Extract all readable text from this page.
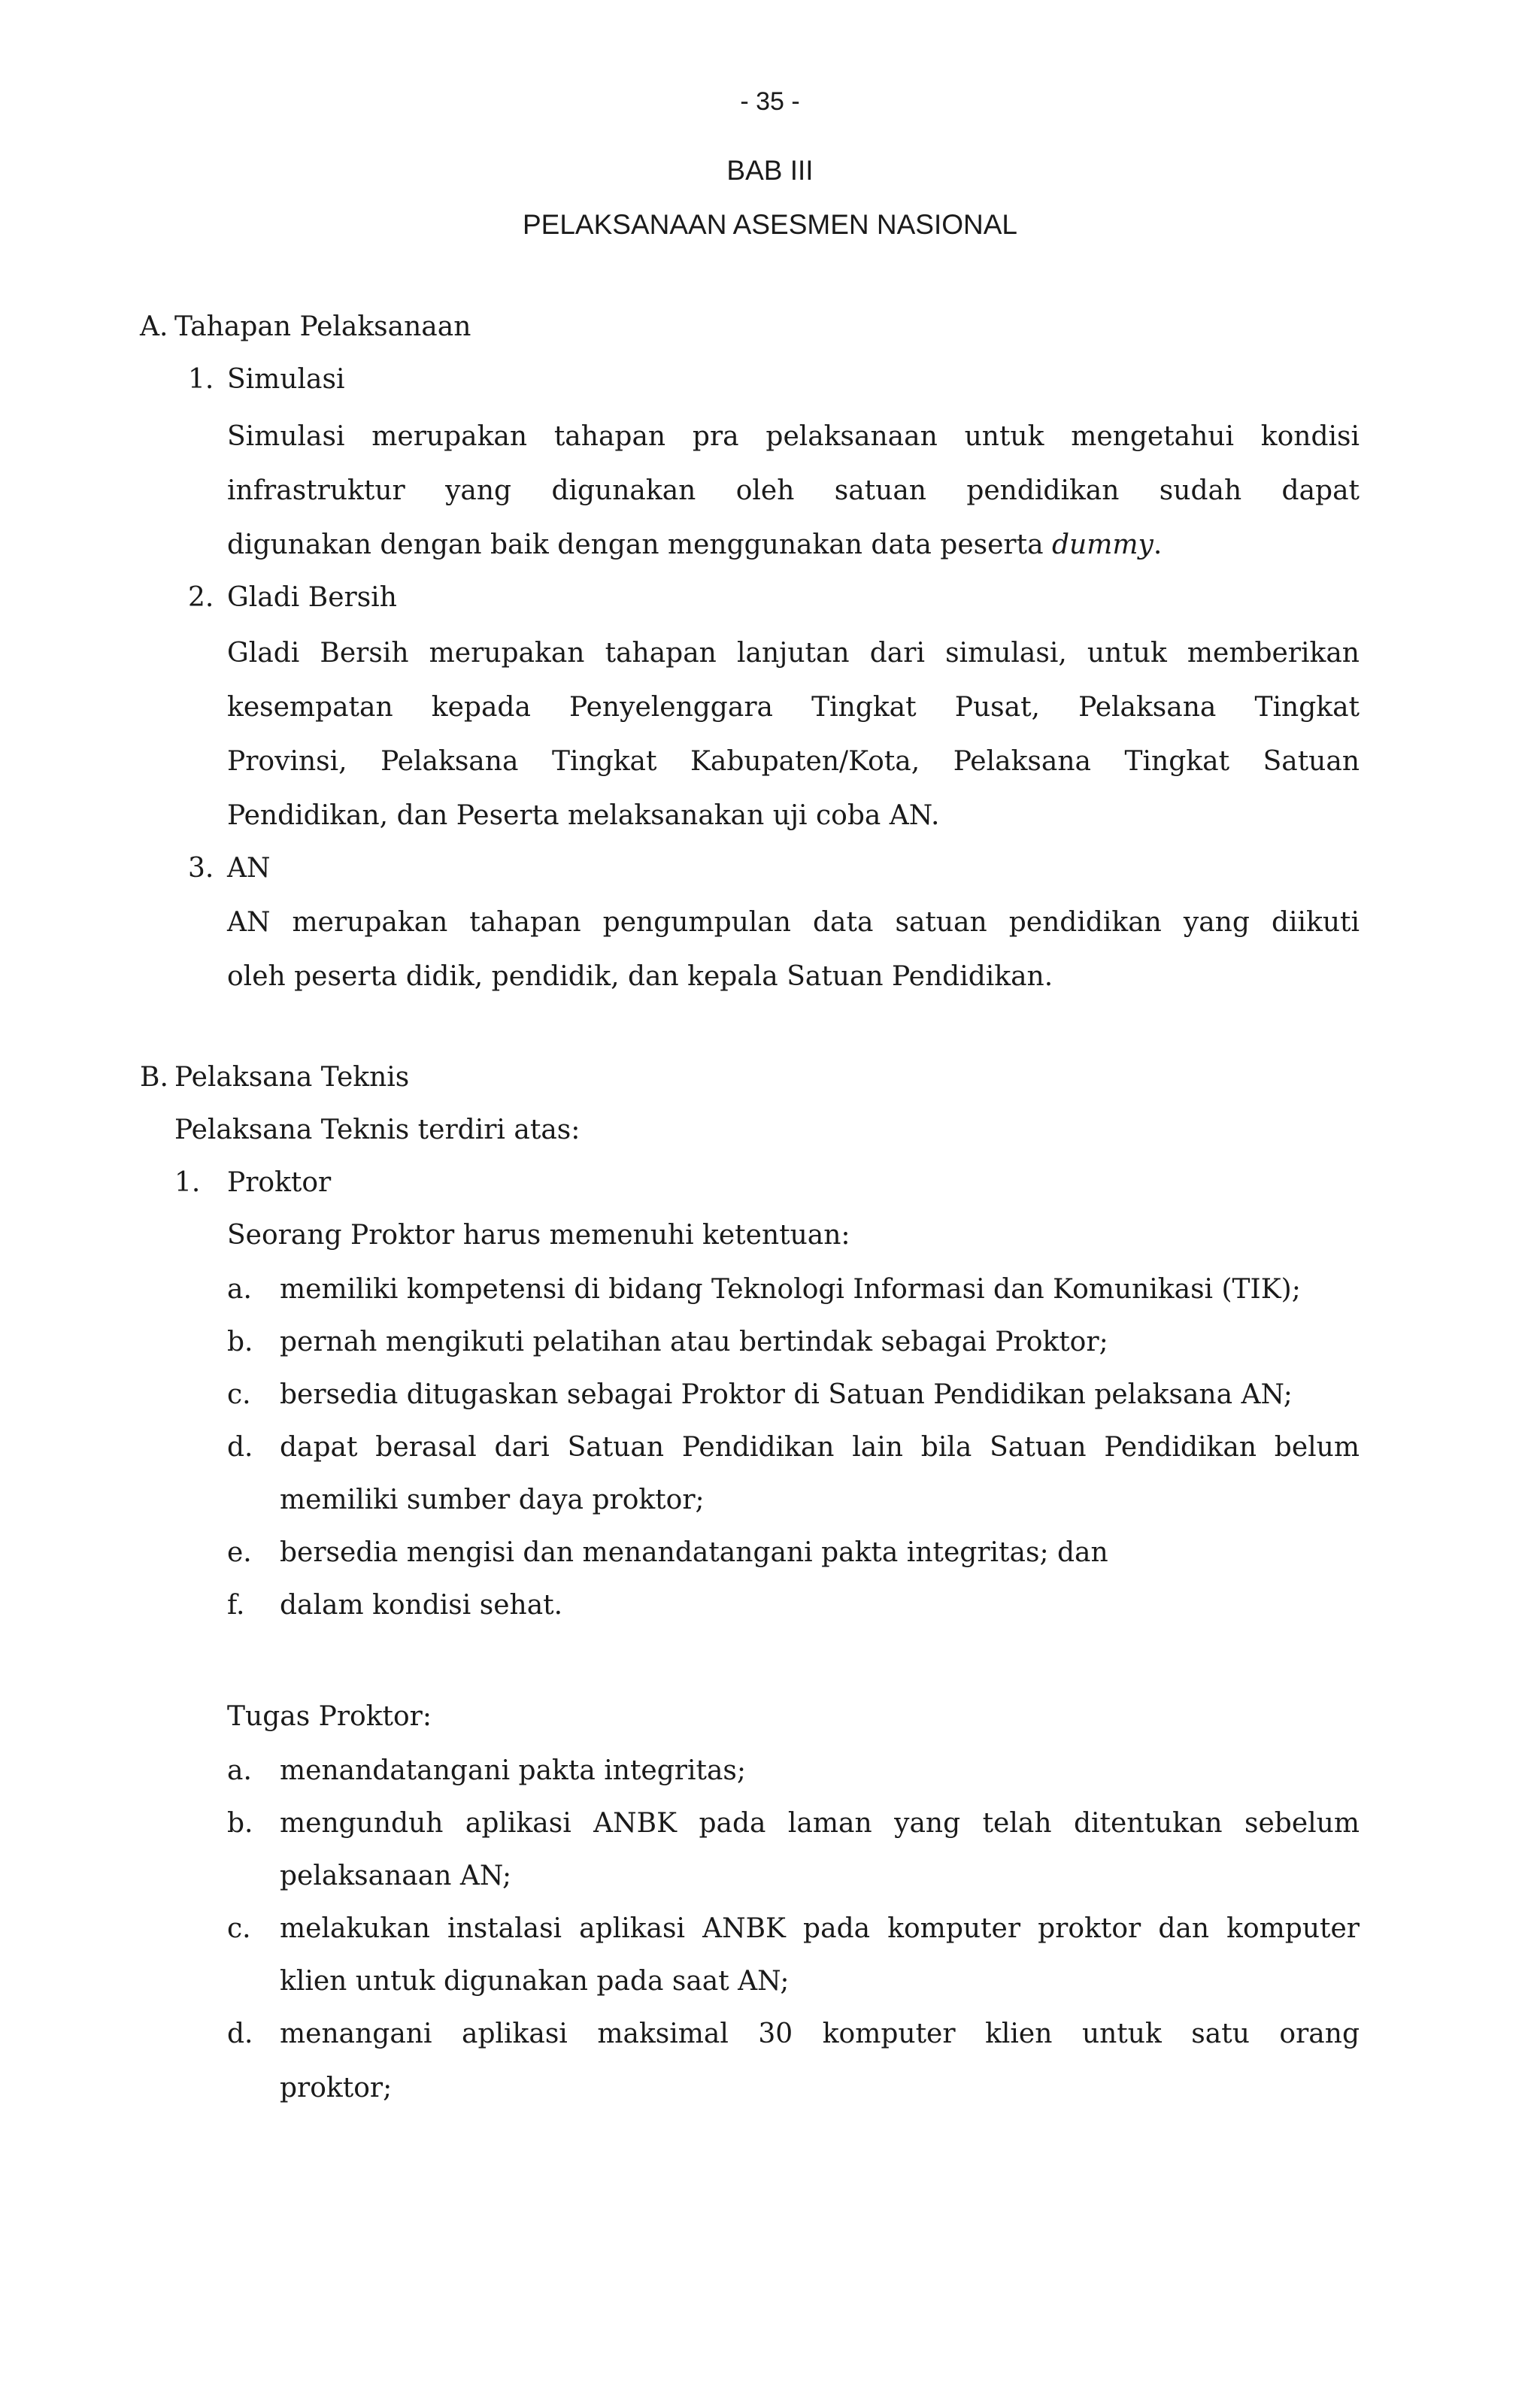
- 35 -
BAB III
PELAKSANAAN ASESMEN NASIONAL
A. Tahapan Pelaksanaan
1. Simulasi
Simulasi merupakan tahapan pra pelaksanaan untuk mengetahui kondisi
infrastruktur yang digunakan oleh satuan pendidikan sudah dapat
digunakan dengan baik dengan menggunakan data peserta dummy.
2. Gladi Bersih
Gladi Bersih merupakan tahapan lanjutan dari simulasi, untuk memberikan
kesempatan kepada Penyelenggara Tingkat Pusat, Pelaksana Tingkat
Provinsi, Pelaksana Tingkat Kabupaten/Kota, Pelaksana Tingkat Satuan
Pendidikan, dan Peserta melaksanakan uji coba AN.
3. AN
AN merupakan tahapan pengumpulan data satuan pendidikan yang diikuti
oleh peserta didik, pendidik, dan kepala Satuan Pendidikan.
B. Pelaksana Teknis
Pelaksana Teknis terdiri atas:
1. Proktor
Seorang Proktor harus memenuhi ketentuan:
a. memiliki kompetensi di bidang Teknologi Informasi dan Komunikasi (TIK);
b. pernah mengikuti pelatihan atau bertindak sebagai Proktor;
c. bersedia ditugaskan sebagai Proktor di Satuan Pendidikan pelaksana AN;
d. dapat berasal dari Satuan Pendidikan lain bila Satuan Pendidikan belum
memiliki sumber daya proktor;
e. bersedia mengisi dan menandatangani pakta integritas; dan
f. dalam kondisi sehat.
Tugas Proktor:
a. menandatangani pakta integritas;
b. mengunduh aplikasi ANBK pada laman yang telah ditentukan sebelum
pelaksanaan AN;
c. melakukan instalasi aplikasi ANBK pada komputer proktor dan komputer
klien untuk digunakan pada saat AN;
d. menangani aplikasi maksimal 30 komputer klien untuk satu orang
proktor;
